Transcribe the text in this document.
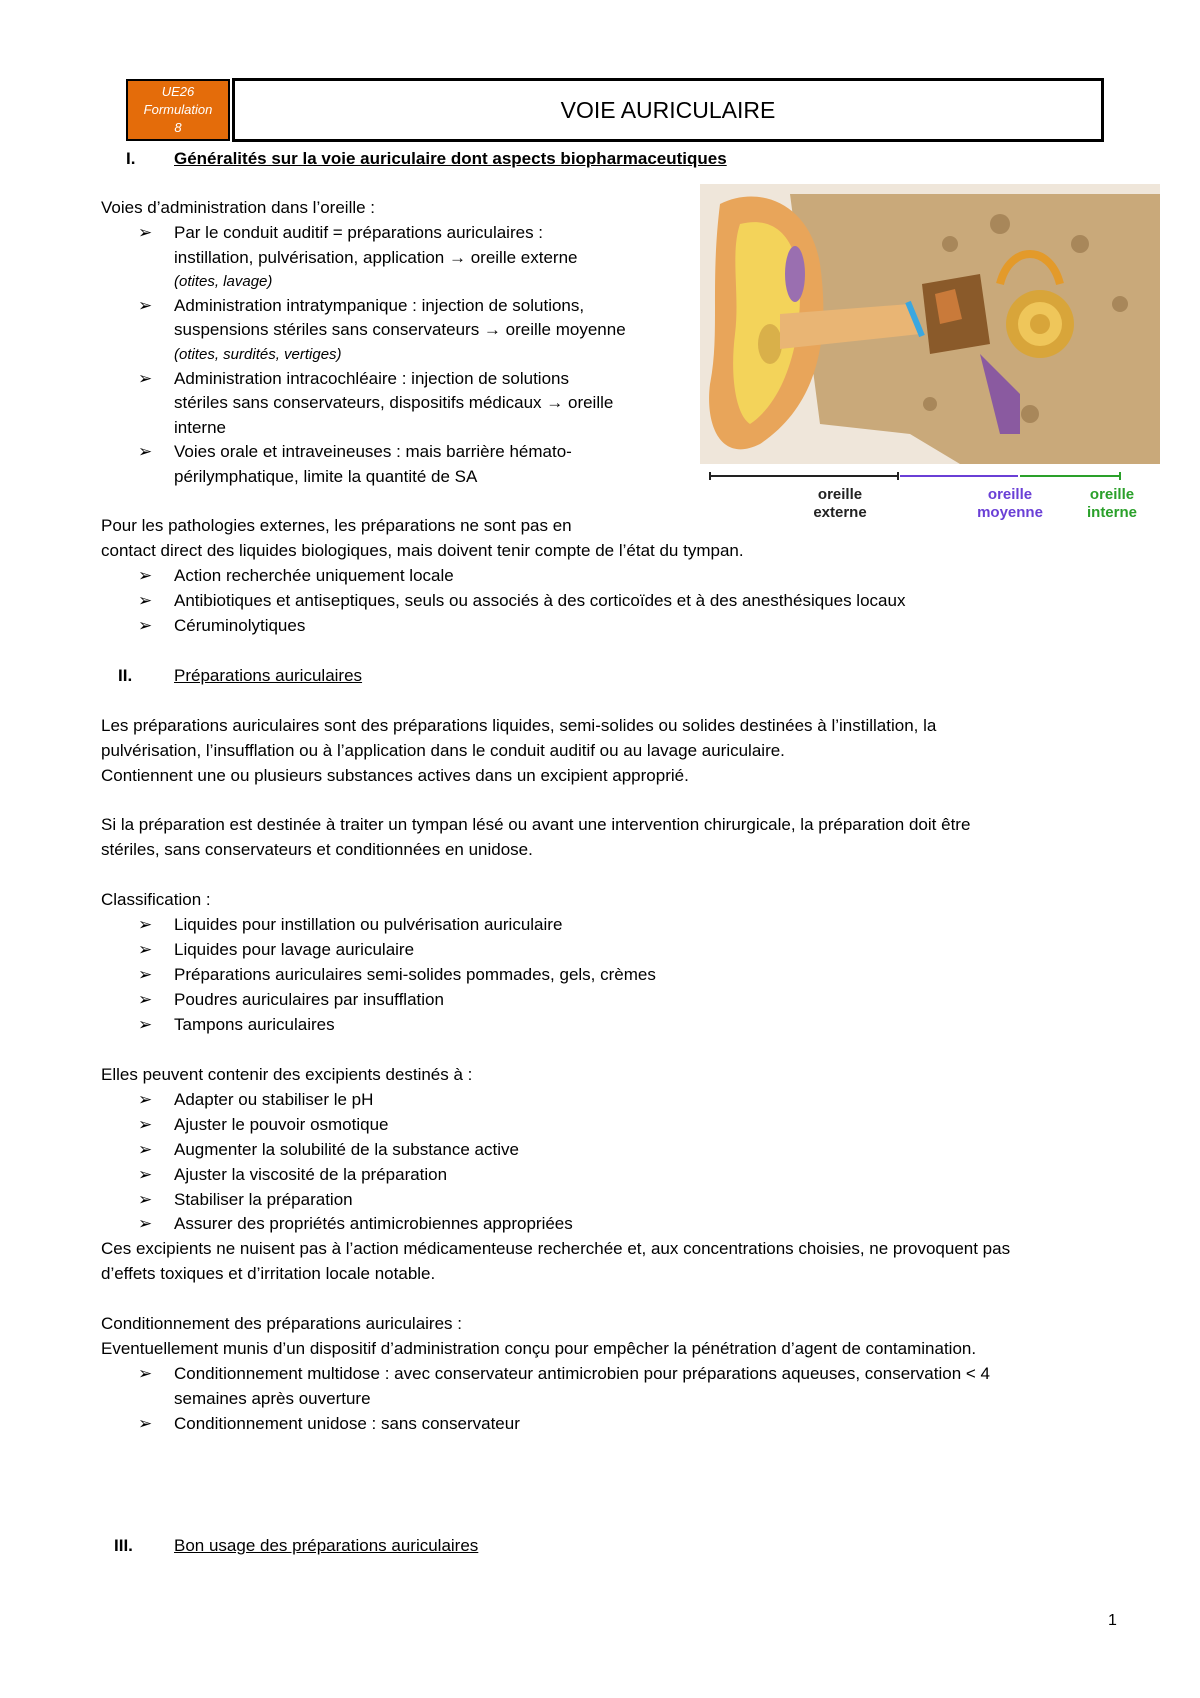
UE26
Formulation
8
VOIE AURICULAIRE
I. Généralités sur la voie auriculaire dont aspects biopharmaceutiques
Voies d’administration dans l’oreille :
➢ Par le conduit auditif = préparations auriculaires :
instillation, pulvérisation, application → oreille externe
(otites, lavage)
➢ Administration intratympanique : injection de solutions,
suspensions stériles sans conservateurs → oreille moyenne
(otites, surdités, vertiges)
➢ Administration intracochléaire : injection de solutions
stériles sans conservateurs, dispositifs médicaux → oreille
interne
➢ Voies orale et intraveineuses : mais barrière hémato-
périlymphatique, limite la quantité de SA
oreille
externe
oreille
moyenne
oreille
interne
Pour les pathologies externes, les préparations ne sont pas en
contact direct des liquides biologiques, mais doivent tenir compte de l’état du tympan.
➢ Action recherchée uniquement locale
➢ Antibiotiques et antiseptiques, seuls ou associés à des corticoïdes et à des anesthésiques locaux
➢ Céruminolytiques
II. Préparations auriculaires
Les préparations auriculaires sont des préparations liquides, semi-solides ou solides destinées à l’instillation, la
pulvérisation, l’insufflation ou à l’application dans le conduit auditif ou au lavage auriculaire.
Contiennent une ou plusieurs substances actives dans un excipient approprié.
Si la préparation est destinée à traiter un tympan lésé ou avant une intervention chirurgicale, la préparation doit être
stériles, sans conservateurs et conditionnées en unidose.
Classification :
➢ Liquides pour instillation ou pulvérisation auriculaire
➢ Liquides pour lavage auriculaire
➢ Préparations auriculaires semi-solides pommades, gels, crèmes
➢ Poudres auriculaires par insufflation
➢ Tampons auriculaires
Elles peuvent contenir des excipients destinés à :
➢ Adapter ou stabiliser le pH
➢ Ajuster le pouvoir osmotique
➢ Augmenter la solubilité de la substance active
➢ Ajuster la viscosité de la préparation
➢ Stabiliser la préparation
➢ Assurer des propriétés antimicrobiennes appropriées
Ces excipients ne nuisent pas à l’action médicamenteuse recherchée et, aux concentrations choisies, ne provoquent pas
d’effets toxiques et d’irritation locale notable.
Conditionnement des préparations auriculaires :
Eventuellement munis d’un dispositif d’administration conçu pour empêcher la pénétration d’agent de contamination.
➢ Conditionnement multidose : avec conservateur antimicrobien pour préparations aqueuses, conservation < 4
semaines après ouverture
➢ Conditionnement unidose : sans conservateur
III. Bon usage des préparations auriculaires
1
